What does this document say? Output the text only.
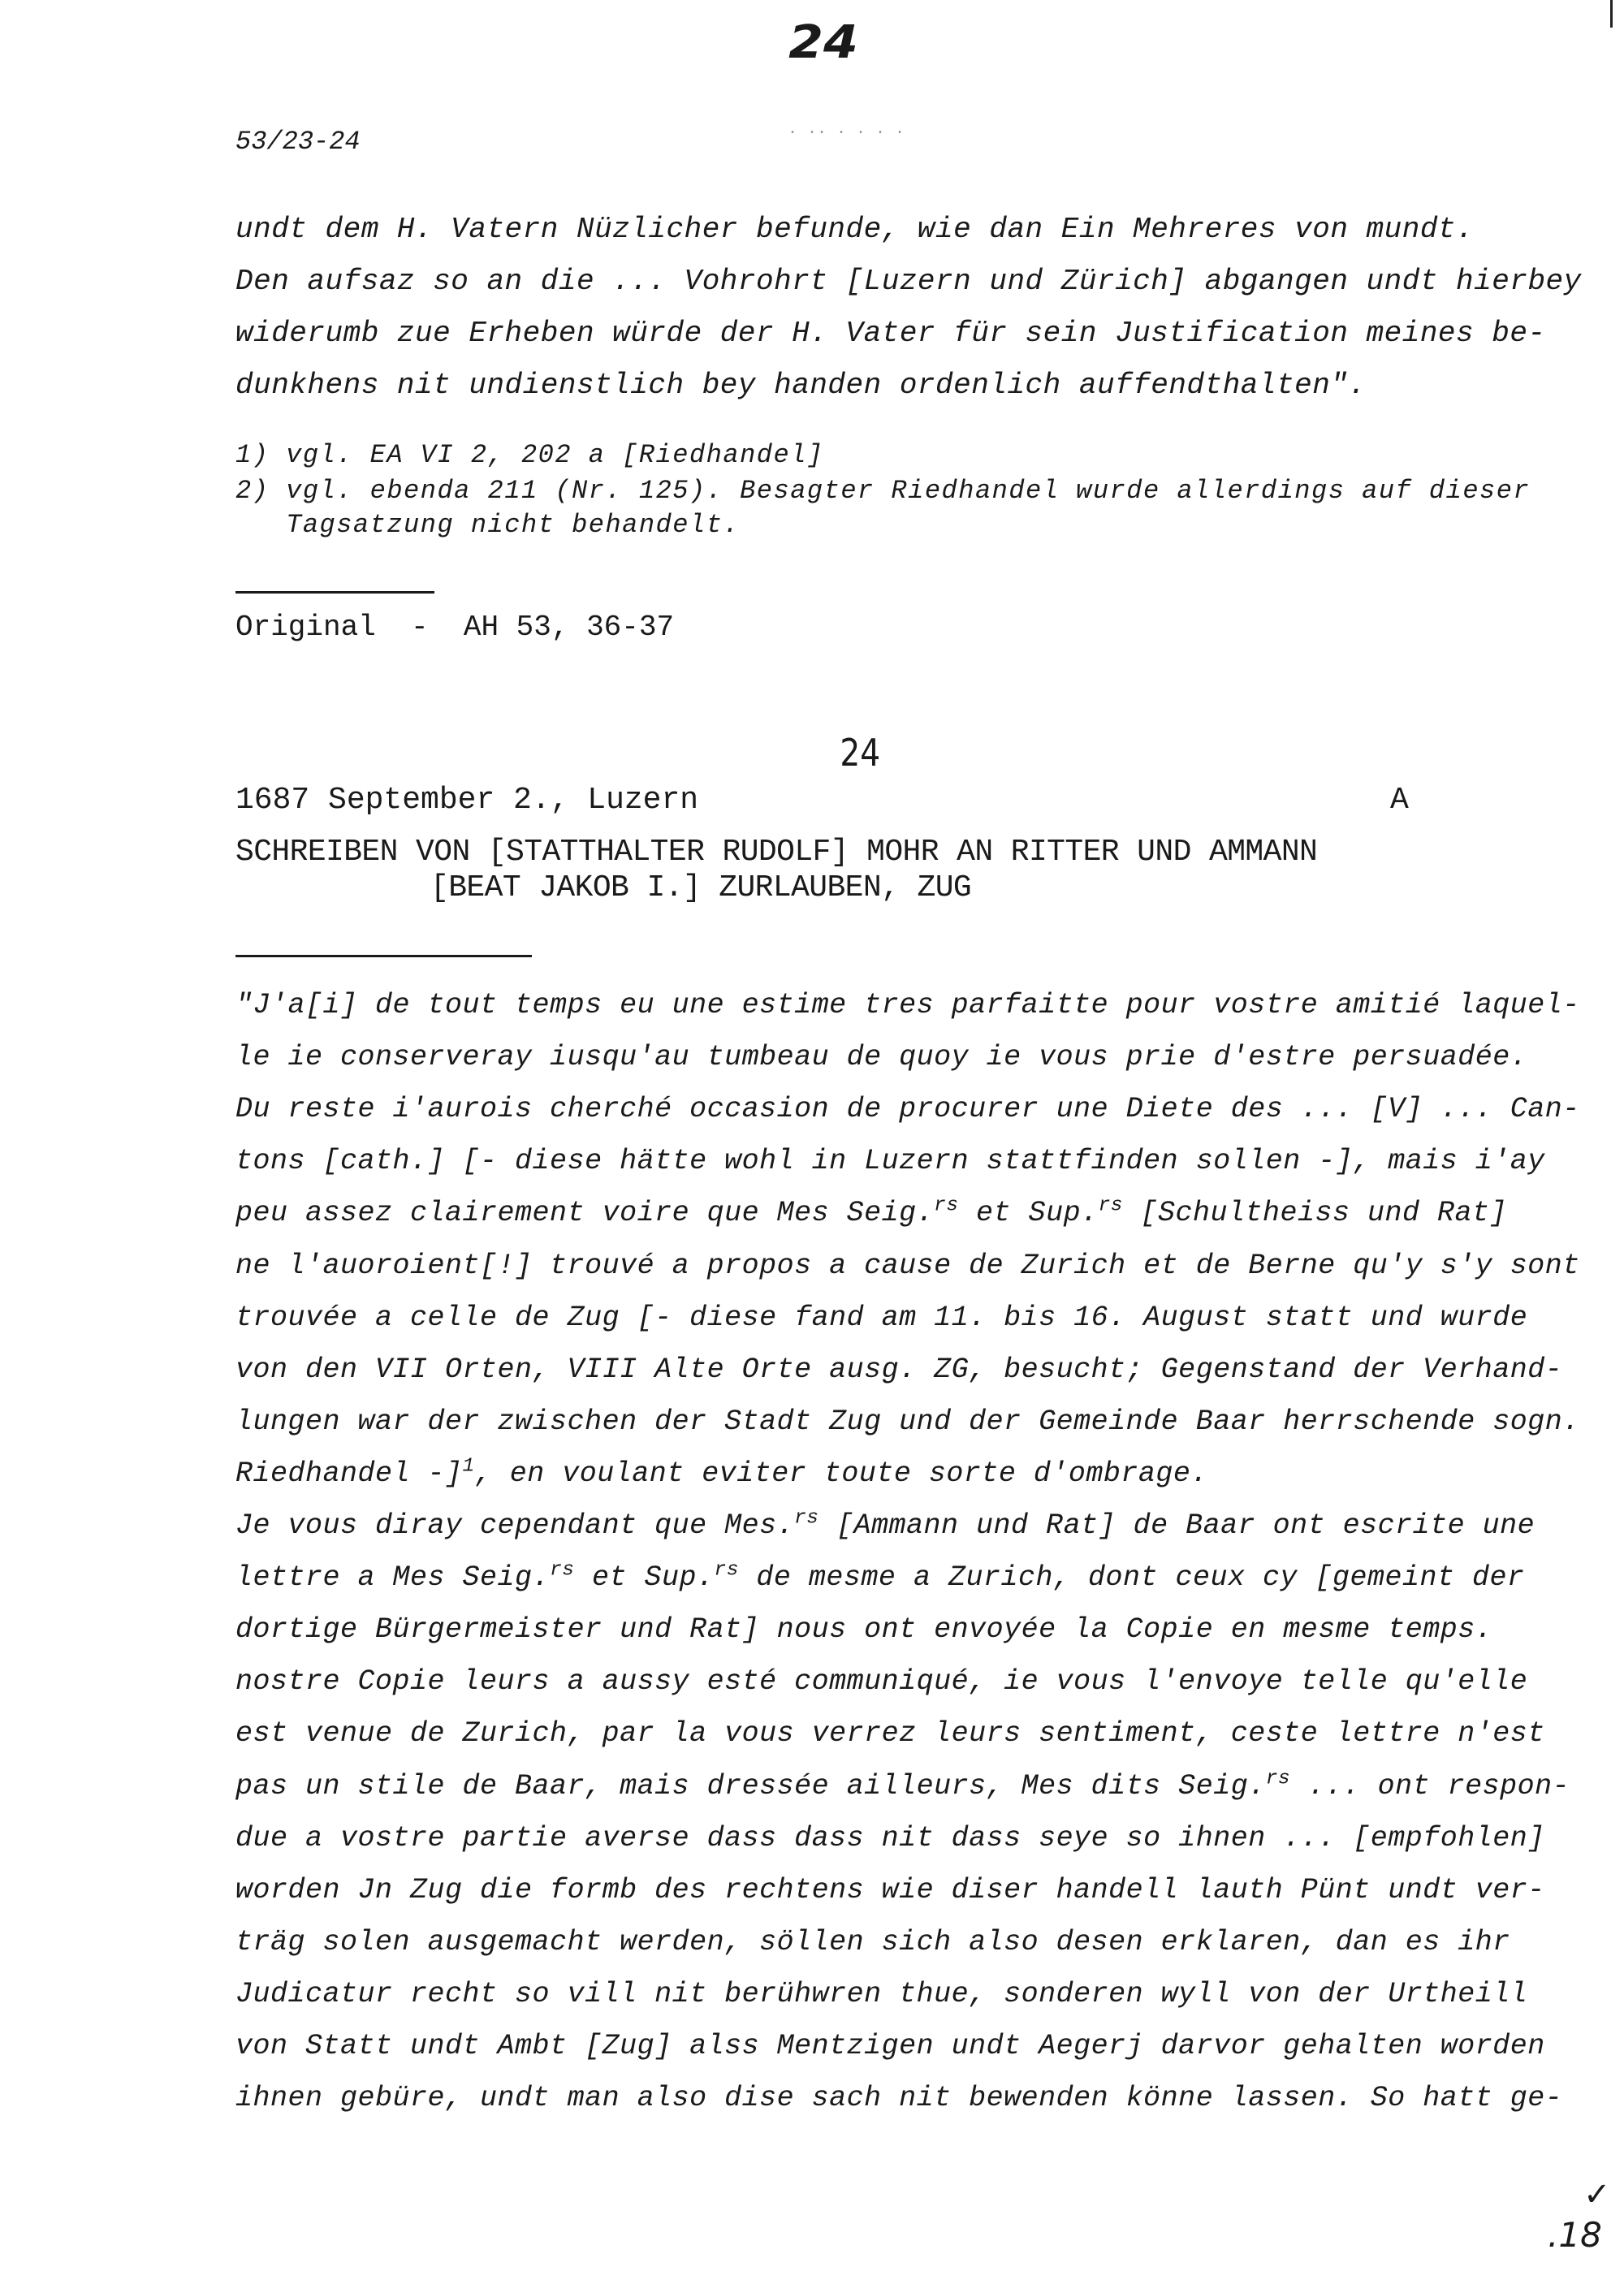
24
53/23-24	· ·· · · · ·
undt dem H. Vatern Nüzlicher befunde, wie dan Ein Mehreres von mundt.
Den aufsaz so an die ... Vohrohrt [Luzern und Zürich] abgangen undt hierbey
widerumb zue Erheben würde der H. Vater für sein Justification meines be-
dunkhens nit undienstlich bey handen ordenlich auffendthalten".
1) vgl. EA VI 2, 202 a [Riedhandel]
2) vgl. ebenda 211 (Nr. 125). Besagter Riedhandel wurde allerdings auf dieser
Tagsatzung nicht behandelt.
Original  -  AH 53, 36-37
24
1687 September 2., Luzern	A
SCHREIBEN VON [STATTHALTER RUDOLF] MOHR AN RITTER UND AMMANN
[BEAT JAKOB I.] ZURLAUBEN, ZUG
"J'a[i] de tout temps eu une estime tres parfaitte pour vostre amitié laquel-
le ie conserveray iusqu'au tumbeau de quoy ie vous prie d'estre persuadée.
Du reste i'aurois cherché occasion de procurer une Diete des ... [V] ... Can-
tons [cath.] [- diese hätte wohl in Luzern stattfinden sollen -], mais i'ay
peu assez clairement voire que Mes Seig.$^{rs}$ et Sup.$^{rs}$ [Schultheiss und Rat]
ne l'auoroient[!] trouvé a propos a cause de Zurich et de Berne qu'y s'y sont
trouvée a celle de Zug [- diese fand am 11. bis 16. August statt und wurde
von den VII Orten, VIII Alte Orte ausg. ZG, besucht; Gegenstand der Verhand-
lungen war der zwischen der Stadt Zug und der Gemeinde Baar herrschende sogn.
Riedhandel -]$^1$, en voulant eviter toute sorte d'ombrage.
Je vous diray cependant que Mes.$^{rs}$ [Ammann und Rat] de Baar ont escrite une
lettre a Mes Seig.$^{rs}$ et Sup.$^{rs}$ de mesme a Zurich, dont ceux cy [gemeint der
dortige Bürgermeister und Rat] nous ont envoyée la Copie en mesme temps.
nostre Copie leurs a aussy esté communiqué, ie vous l'envoye telle qu'elle
est venue de Zurich, par la vous verrez leurs sentiment, ceste lettre n'est
pas un stile de Baar, mais dressée ailleurs, Mes dits Seig.$^{rs}$ ... ont respon-
due a vostre partie averse dass dass nit dass seye so ihnen ... [empfohlen]
worden Jn Zug die formb des rechtens wie diser handell lauth Pünt undt ver-
träg solen ausgemacht werden, söllen sich also desen erklaren, dan es ihr
Judicatur recht so vill nit berühwren thue, sonderen wyll von der Urtheill
von Statt undt Ambt [Zug] alss Mentzigen undt Aegerj darvor gehalten worden
ihnen gebüre, undt man also dise sach nit bewenden könne lassen. So hatt ge-
✓
.18
